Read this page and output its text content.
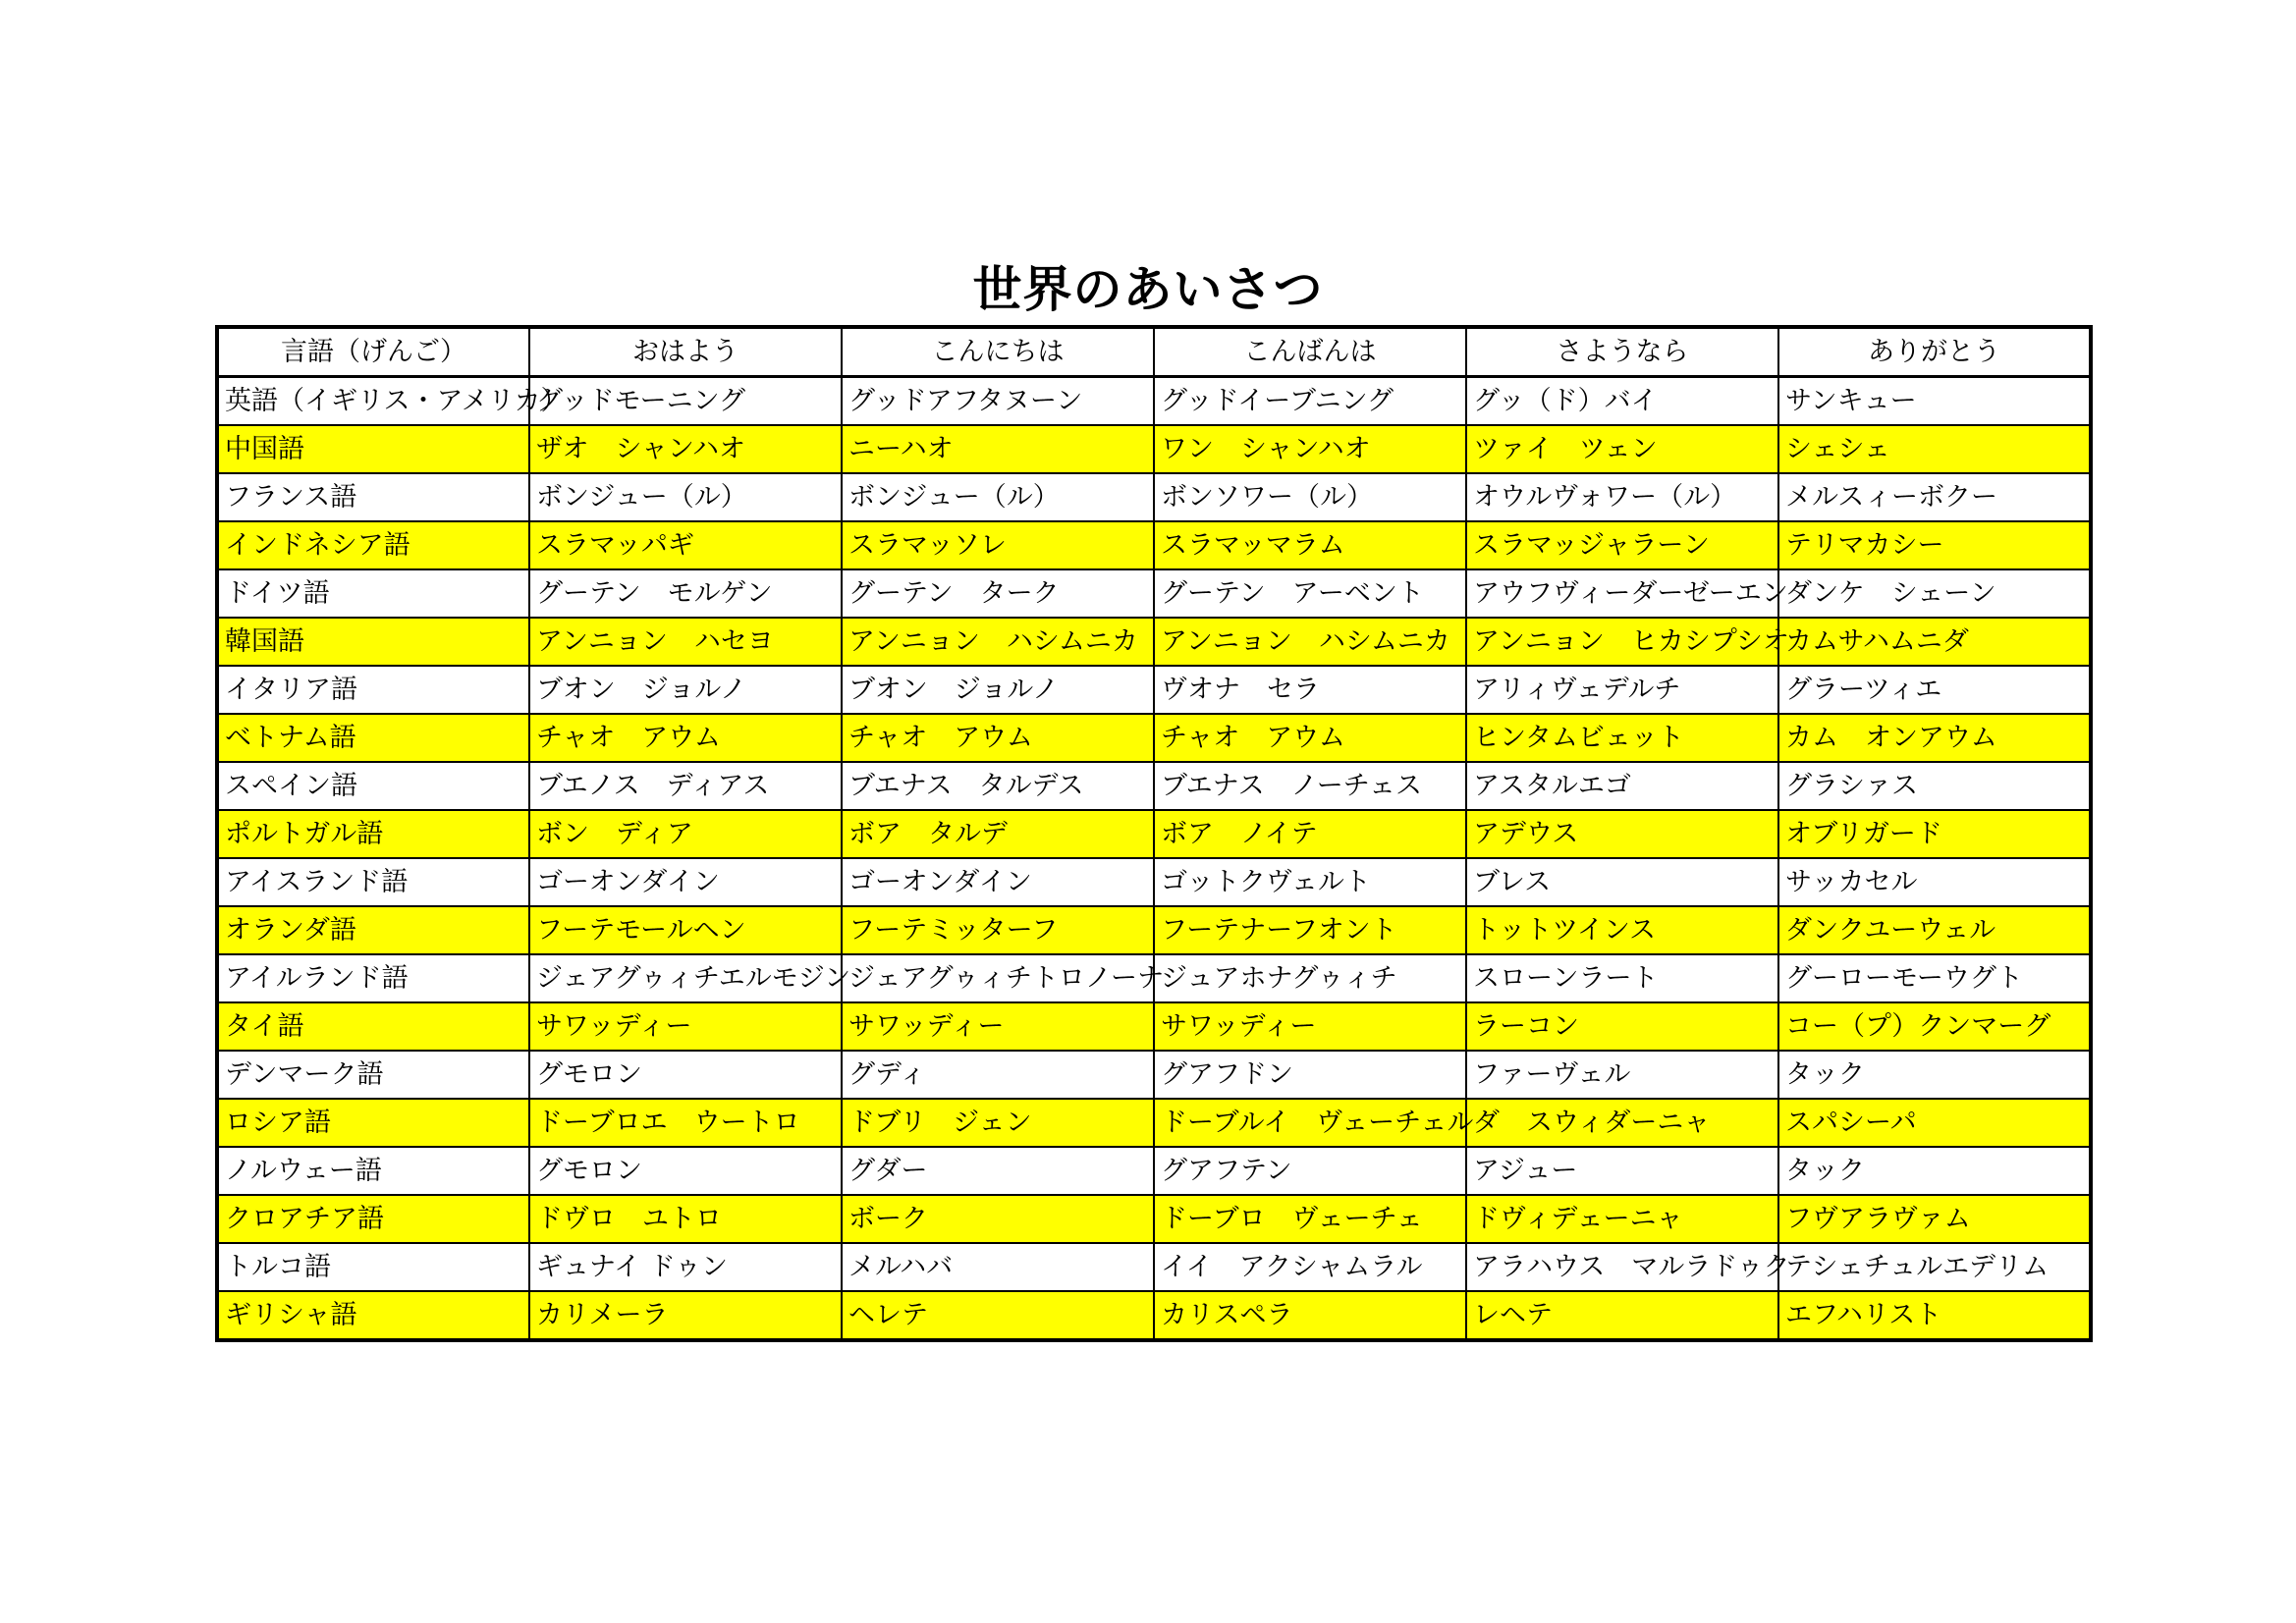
世界のあいさつ
言語（げんご）	おはよう	こんにちは	こんばんは	さようなら	ありがとう
英語（イギリス・アメリカ）	グッドモーニング	グッドアフタヌーン	グッドイーブニング	グッ（ド）バイ	サンキュー
中国語	ザオ　シャンハオ	ニーハオ	ワン　シャンハオ	ツァイ　ツェン	シェシェ
フランス語	ボンジュー（ル）	ボンジュー（ル）	ボンソワー（ル）	オウルヴォワー（ル）	メルスィーボクー
インドネシア語	スラマッパギ	スラマッソレ	スラマッマラム	スラマッジャラーン	テリマカシー
ドイツ語	グーテン　モルゲン	グーテン　ターク	グーテン　アーベント	アウフヴィーダーゼーエン	ダンケ　シェーン
韓国語	アンニョン　ハセヨ	アンニョン　ハシムニカ	アンニョン　ハシムニカ	アンニョン　ヒカシプシオ	カムサハムニダ
イタリア語	ブオン　ジョルノ	ブオン　ジョルノ	ヴオナ　セラ	アリィヴェデルチ	グラーツィエ
ベトナム語	チャオ　アウム	チャオ　アウム	チャオ　アウム	ヒンタムビェット	カム　オンアウム
スペイン語	ブエノス　ディアス	ブエナス　タルデス	ブエナス　ノーチェス	アスタルエゴ	グラシァス
ポルトガル語	ボン　ディア	ボア　タルデ	ボア　ノイテ	アデウス	オブリガード
アイスランド語	ゴーオンダイン	ゴーオンダイン	ゴットクヴェルト	ブレス	サッカセル
オランダ語	フーテモールヘン	フーテミッターフ	フーテナーフオント	トットツインス	ダンクユーウェル
アイルランド語	ジェアグゥィチエルモジン	ジェアグゥィチトロノーナ	ジュアホナグゥィチ	スローンラート	グーローモーウグト
タイ語	サワッディー	サワッディー	サワッディー	ラーコン	コー（プ）クンマーグ
デンマーク語	グモロン	グディ	グアフドン	ファーヴェル	タック
ロシア語	ドーブロエ　ウートロ	ドブリ　ジェン	ドーブルイ　ヴェーチェル	ダ　スウィダーニャ	スパシーパ
ノルウェー語	グモロン	グダー	グアフテン	アジュー	タック
クロアチア語	ドヴロ　ユトロ	ボーク	ドーブロ　ヴェーチェ	ドヴィデェーニャ	フヴアラヴァム
トルコ語	ギュナイ ドゥン	メルハバ	イイ　アクシャムラル	アラハウス　マルラドゥク	テシェチュルエデリム
ギリシャ語	カリメーラ	ヘレテ	カリスペラ	レヘテ	エフハリスト
